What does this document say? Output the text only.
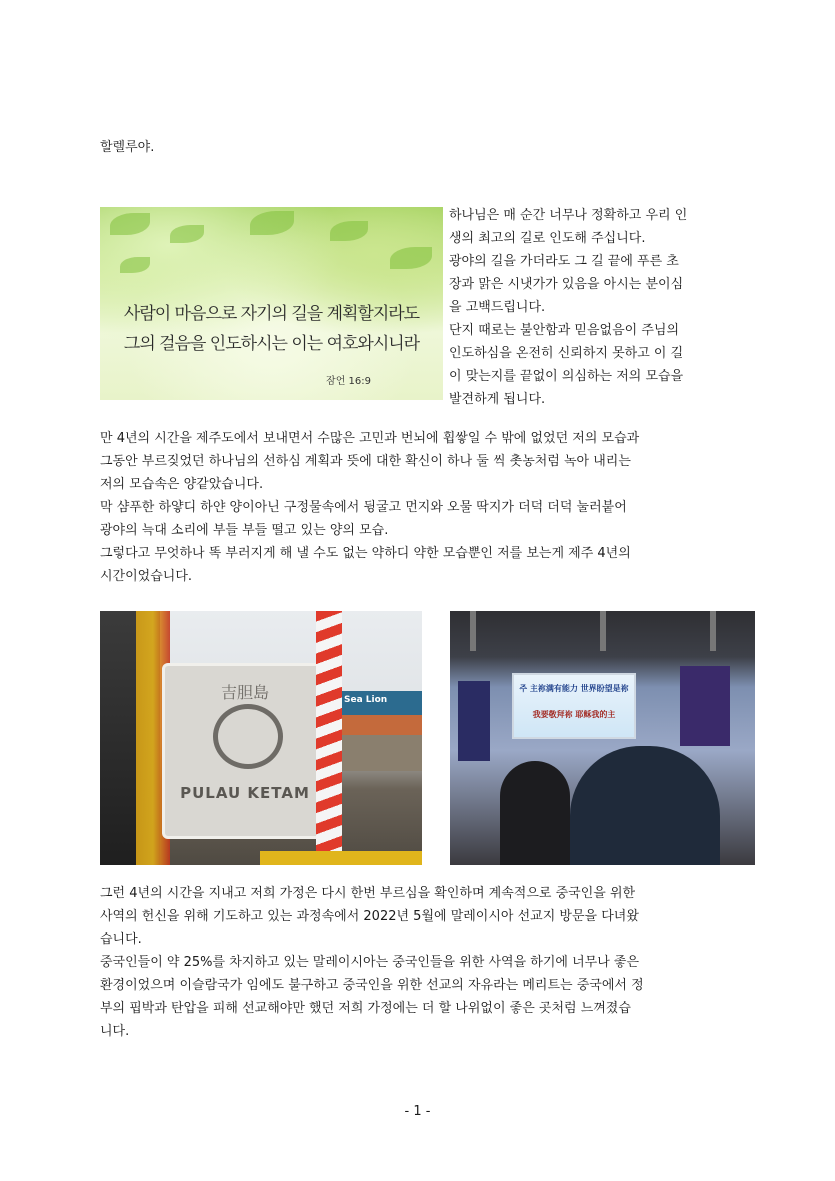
할렐루야.
사람이 마음으로 자기의 길을 계획할지라도
그의 걸음을 인도하시는 이는 여호와시니라
잠언 16:9
하나님은 매 순간 너무나 정확하고 우리 인
생의 최고의 길로 인도해 주십니다.
광야의 길을 가더라도 그 길 끝에 푸른 초
장과 맑은 시냇가가 있음을 아시는 분이심
을 고백드립니다.
단지 때로는 불안함과 믿음없음이 주님의
인도하심을 온전히 신뢰하지 못하고 이 길
이 맞는지를 끝없이 의심하는 저의 모습을
발견하게 됩니다.
만 4년의 시간을 제주도에서 보내면서 수많은 고민과 번뇌에 휩쌓일 수 밖에 없었던 저의 모습과
그동안 부르짖었던 하나님의 선하심 계획과 뜻에 대한 확신이 하나 둘 씩 촛농처럼 녹아 내리는
저의 모습속은 양같았습니다.
막 샴푸한 하얗디 하얀 양이아닌 구정물속에서 뒹굴고 먼지와 오물 딱지가 더덕 더덕 눌러붙어
광야의 늑대 소리에 부들 부들 떨고 있는 양의 모습.
그렇다고 무엇하나 똑 부러지게 해 낼 수도 없는 약하디 약한 모습뿐인 저를 보는게 제주 4년의
시간이었습니다.
Sea Lion
吉胆島
PULAU KETAM
주 主祢满有能力 世界盼望是祢
我要敬拜祢 耶稣我的主
그런 4년의 시간을 지내고 저희 가정은 다시 한번 부르심을 확인하며 계속적으로 중국인을 위한
사역의 헌신을 위해 기도하고 있는 과정속에서 2022년 5월에 말레이시아 선교지 방문을 다녀왔
습니다.
중국인들이 약 25%를 차지하고 있는 말레이시아는 중국인들을 위한 사역을 하기에 너무나 좋은
환경이었으며 이슬람국가 임에도 불구하고 중국인을 위한 선교의 자유라는 메리트는 중국에서 정
부의 핍박과 탄압을 피해 선교해야만 했던 저희 가정에는 더 할 나위없이 좋은 곳처럼 느껴졌습
니다.
- 1 -
